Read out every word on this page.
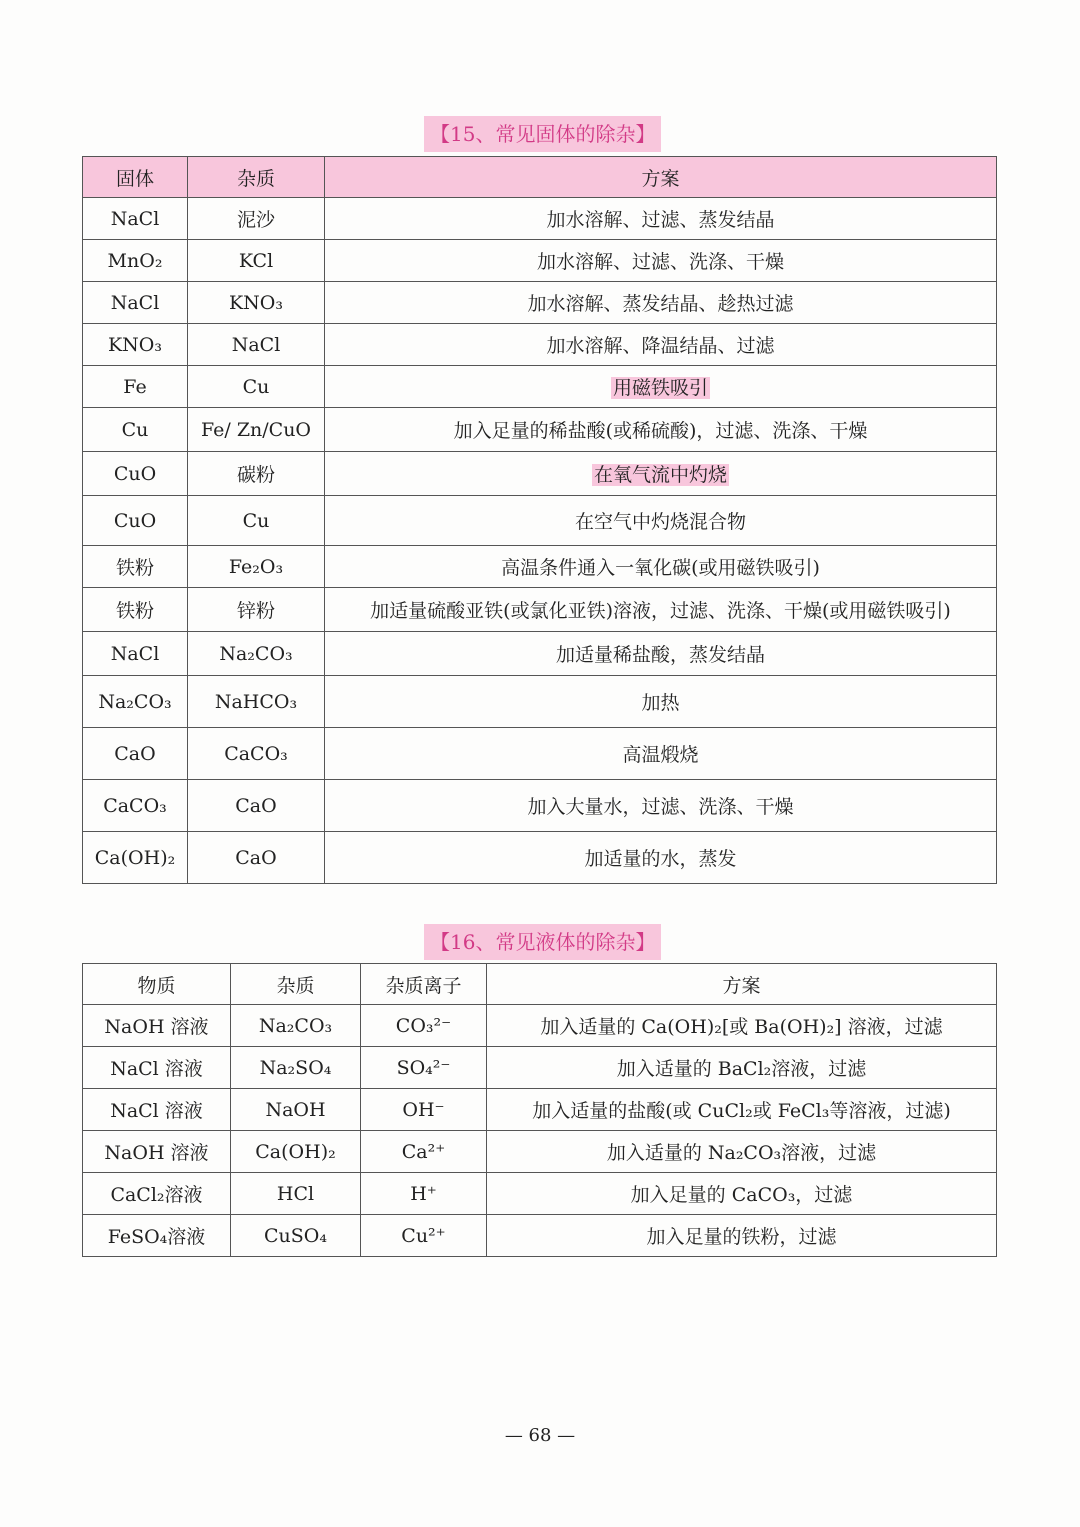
【15、常见固体的除杂】
固体	杂质	方案
NaCl	泥沙	加水溶解、过滤、蒸发结晶
MnO₂	KCl	加水溶解、过滤、洗涤、干燥
NaCl	KNO₃	加水溶解、蒸发结晶、趁热过滤
KNO₃	NaCl	加水溶解、降温结晶、过滤
Fe	Cu	用磁铁吸引
Cu	Fe/ Zn/CuO	加入足量的稀盐酸(或稀硫酸)，过滤、洗涤、干燥
CuO	碳粉	在氧气流中灼烧
CuO	Cu	在空气中灼烧混合物
铁粉	Fe₂O₃	高温条件通入一氧化碳(或用磁铁吸引)
铁粉	锌粉	加适量硫酸亚铁(或氯化亚铁)溶液，过滤、洗涤、干燥(或用磁铁吸引)
NaCl	Na₂CO₃	加适量稀盐酸，蒸发结晶
Na₂CO₃	NaHCO₃	加热
CaO	CaCO₃	高温煅烧
CaCO₃	CaO	加入大量水，过滤、洗涤、干燥
Ca(OH)₂	CaO	加适量的水，蒸发
【16、常见液体的除杂】
物质	杂质	杂质离子	方案
NaOH 溶液	Na₂CO₃	CO₃²⁻	加入适量的 Ca(OH)₂[或 Ba(OH)₂] 溶液，过滤
NaCl 溶液	Na₂SO₄	SO₄²⁻	加入适量的 BaCl₂溶液，过滤
NaCl 溶液	NaOH	OH⁻	加入适量的盐酸(或 CuCl₂或 FeCl₃等溶液，过滤)
NaOH 溶液	Ca(OH)₂	Ca²⁺	加入适量的 Na₂CO₃溶液，过滤
CaCl₂溶液	HCl	H⁺	加入足量的 CaCO₃，过滤
FeSO₄溶液	CuSO₄	Cu²⁺	加入足量的铁粉，过滤
— 68 —
